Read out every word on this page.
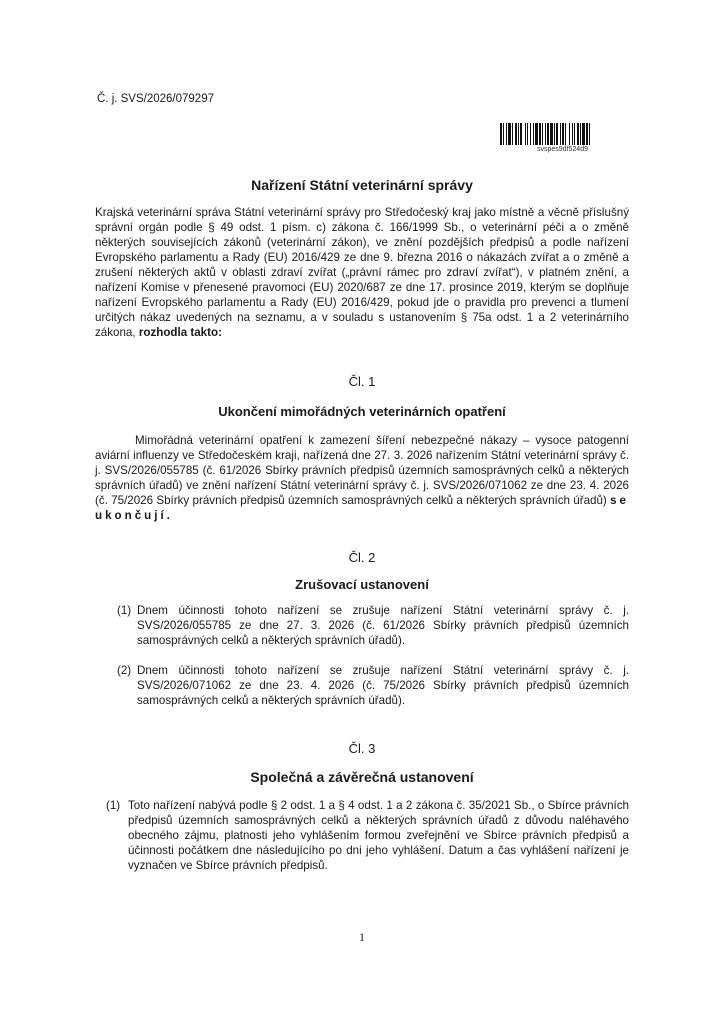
Č. j. SVS/2026/079297
svspes9df524d9
Nařízení Státní veterinární správy
Krajská veterinární správa Státní veterinární správy pro Středočeský kraj jako místně a věcně příslušný správní orgán podle § 49 odst. 1 písm. c) zákona č. 166/1999 Sb., o veterinární péči a o změně některých souvisejících zákonů (veterinární zákon), ve znění pozdějších předpisů a podle nařízení Evropského parlamentu a Rady (EU) 2016/429 ze dne 9. března 2016 o nákazách zvířat a o změně a zrušení některých aktů v oblasti zdraví zvířat („právní rámec pro zdraví zvířat“), v platném znění, a nařízení Komise v přenesené pravomoci (EU) 2020/687 ze dne 17. prosince 2019, kterým se doplňuje nařízení Evropského parlamentu a Rady (EU) 2016/429, pokud jde o pravidla pro prevenci a tlumení určitých nákaz uvedených na seznamu, a v souladu s ustanovením § 75a odst. 1 a 2 veterinárního zákona, rozhodla takto:
Čl. 1
Ukončení mimořádných veterinárních opatření
Mimořádná veterinární opatření k zamezení šíření nebezpečné nákazy – vysoce patogenní aviární influenzy ve Středočeském kraji, nařízená dne 27. 3. 2026 nařízením Státní veterinární správy č. j. SVS/2026/055785 (č. 61/2026 Sbírky právních předpisů územních samosprávných celků a některých správních úřadů) ve znění nařízení Státní veterinární správy č. j. SVS/2026/071062 ze dne 23. 4. 2026 (č. 75/2026 Sbírky právních předpisů územních samosprávných celků a některých správních úřadů) se ukončují.
Čl. 2
Zrušovací ustanovení
(1) Dnem účinnosti tohoto nařízení se zrušuje nařízení Státní veterinární správy č. j. SVS/2026/055785 ze dne 27. 3. 2026 (č. 61/2026 Sbírky právních předpisů územních samosprávných celků a některých správních úřadů).
(2) Dnem účinnosti tohoto nařízení se zrušuje nařízení Státní veterinární správy č. j. SVS/2026/071062 ze dne 23. 4. 2026 (č. 75/2026 Sbírky právních předpisů územních samosprávných celků a některých správních úřadů).
Čl. 3
Společná a závěrečná ustanovení
(1) Toto nařízení nabývá podle § 2 odst. 1 a § 4 odst. 1 a 2 zákona č. 35/2021 Sb., o Sbírce právních předpisů územních samosprávných celků a některých správních úřadů z důvodu naléhavého obecného zájmu, platnosti jeho vyhlášením formou zveřejnění ve Sbírce právních předpisů a účinnosti počátkem dne následujícího po dni jeho vyhlášení. Datum a čas vyhlášení nařízení je vyznačen ve Sbírce právních předpisů.
1
